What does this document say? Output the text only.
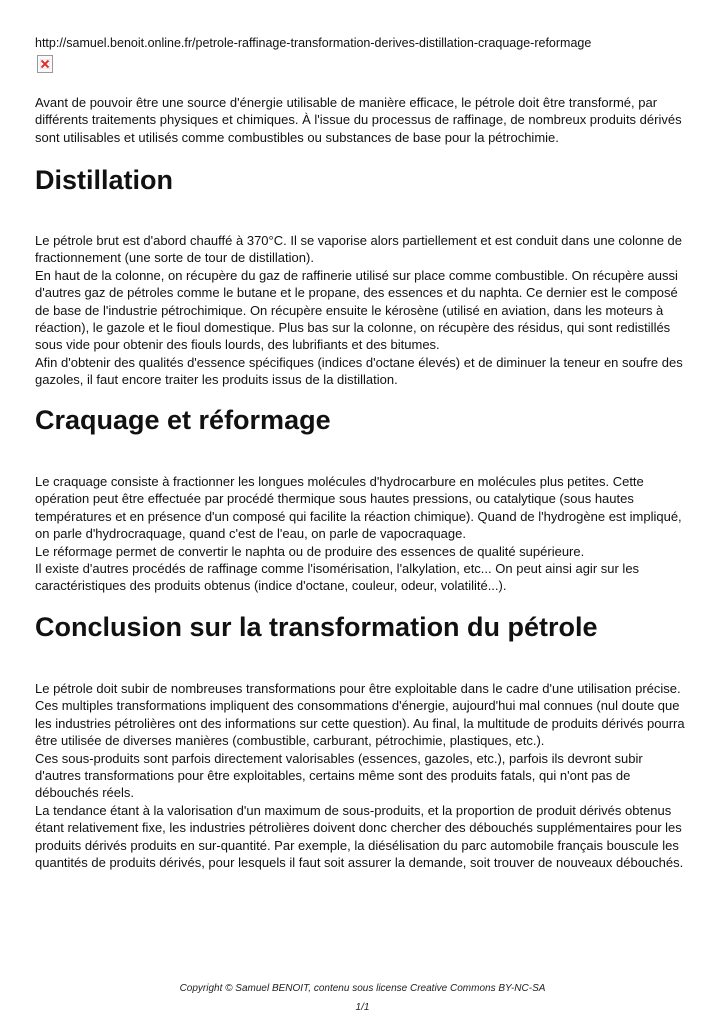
http://samuel.benoit.online.fr/petrole-raffinage-transformation-derives-distillation-craquage-reformage

Avant de pouvoir être une source d'énergie utilisable de manière efficace, le pétrole doit être transformé, par différents traitements physiques et chimiques. À l'issue du processus de raffinage, de nombreux produits dérivés sont utilisables et utilisés comme combustibles ou substances de base pour la pétrochimie.

Distillation

Le pétrole brut est d'abord chauffé à 370°C. Il se vaporise alors partiellement et est conduit dans une colonne de fractionnement (une sorte de tour de distillation).

En haut de la colonne, on récupère du gaz de raffinerie utilisé sur place comme combustible. On récupère aussi d'autres gaz de pétroles comme le butane et le propane, des essences et du naphta. Ce dernier est le composé de base de l'industrie pétrochimique. On récupère ensuite le kérosène (utilisé en aviation, dans les moteurs à réaction), le gazole et le fioul domestique. Plus bas sur la colonne, on récupère des résidus, qui sont redistillés sous vide pour obtenir des fiouls lourds, des lubrifiants et des bitumes.

Afin d'obtenir des qualités d'essence spécifiques (indices d'octane élevés) et de diminuer la teneur en soufre des gazoles, il faut encore traiter les produits issus de la distillation.

Craquage et réformage

Le craquage consiste à fractionner les longues molécules d'hydrocarbure en molécules plus petites. Cette opération peut être effectuée par procédé thermique sous hautes pressions, ou catalytique (sous hautes températures et en présence d'un composé qui facilite la réaction chimique). Quand de l'hydrogène est impliqué, on parle d'hydrocraquage, quand c'est de l'eau, on parle de vapocraquage.

Le réformage permet de convertir le naphta ou de produire des essences de qualité supérieure.

Il existe d'autres procédés de raffinage comme l'isomérisation, l'alkylation, etc... On peut ainsi agir sur les caractéristiques des produits obtenus (indice d'octane, couleur, odeur, volatilité...).

Conclusion sur la transformation du pétrole

Le pétrole doit subir de nombreuses transformations pour être exploitable dans le cadre d'une utilisation précise. Ces multiples transformations impliquent des consommations d'énergie, aujourd'hui mal connues (nul doute que les industries pétrolières ont des informations sur cette question). Au final, la multitude de produits dérivés pourra être utilisée de diverses manières (combustible, carburant, pétrochimie, plastiques, etc.).

Ces sous-produits sont parfois directement valorisables (essences, gazoles, etc.), parfois ils devront subir d'autres transformations pour être exploitables, certains même sont des produits fatals, qui n'ont pas de débouchés réels.

La tendance étant à la valorisation d'un maximum de sous-produits, et la proportion de produit dérivés obtenus étant relativement fixe, les industries pétrolières doivent donc chercher des débouchés supplémentaires pour les produits dérivés produits en sur-quantité. Par exemple, la diésélisation du parc automobile français bouscule les quantités de produits dérivés, pour lesquels il faut soit assurer la demande, soit trouver de nouveaux débouchés.

Copyright © Samuel BENOIT, contenu sous license Creative Commons BY-NC-SA
1/1
